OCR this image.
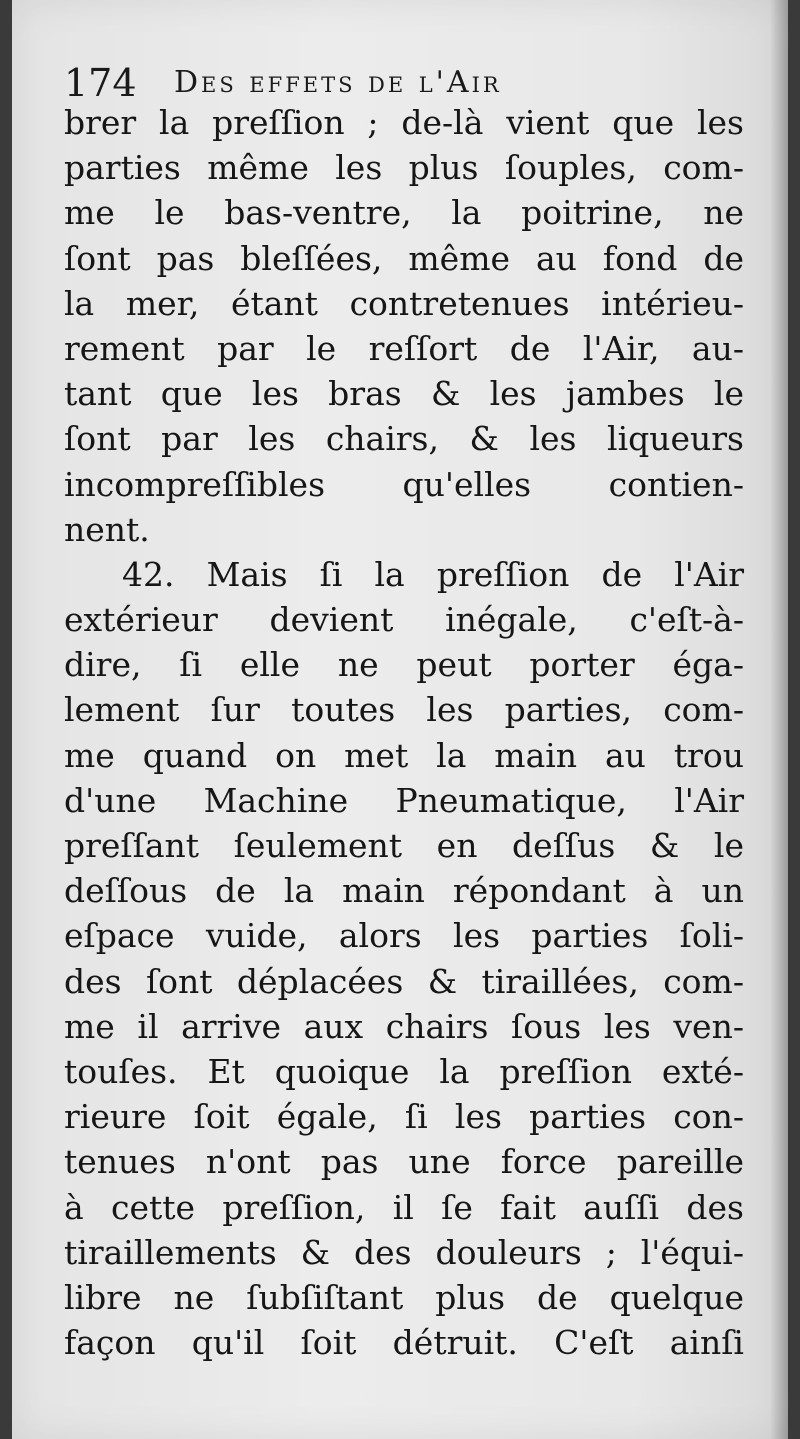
174 Des effets de l'Air
brer la preſſion ; de-là vient que les
parties même les plus ſouples, com-
me le bas-ventre, la poitrine, ne
ſont pas bleſſées, même au fond de
la mer, étant contretenues intérieu-
rement par le reſſort de l'Air, au-
tant que les bras & les jambes le
ſont par les chairs, & les liqueurs
incompreſſibles qu'elles contien-
nent.
42. Mais ſi la preſſion de l'Air
extérieur devient inégale, c'eſt-à-
dire, ſi elle ne peut porter éga-
lement ſur toutes les parties, com-
me quand on met la main au trou
d'une Machine Pneumatique, l'Air
preſſant ſeulement en deſſus & le
deſſous de la main répondant à un
eſpace vuide, alors les parties ſoli-
des ſont déplacées & tiraillées, com-
me il arrive aux chairs ſous les ven-
touſes. Et quoique la preſſion exté-
rieure ſoit égale, ſi les parties con-
tenues n'ont pas une force pareille
à cette preſſion, il ſe fait auſſi des
tiraillements & des douleurs ; l'équi-
libre ne ſubſiſtant plus de quelque
façon qu'il ſoit détruit. C'eſt ainſi
